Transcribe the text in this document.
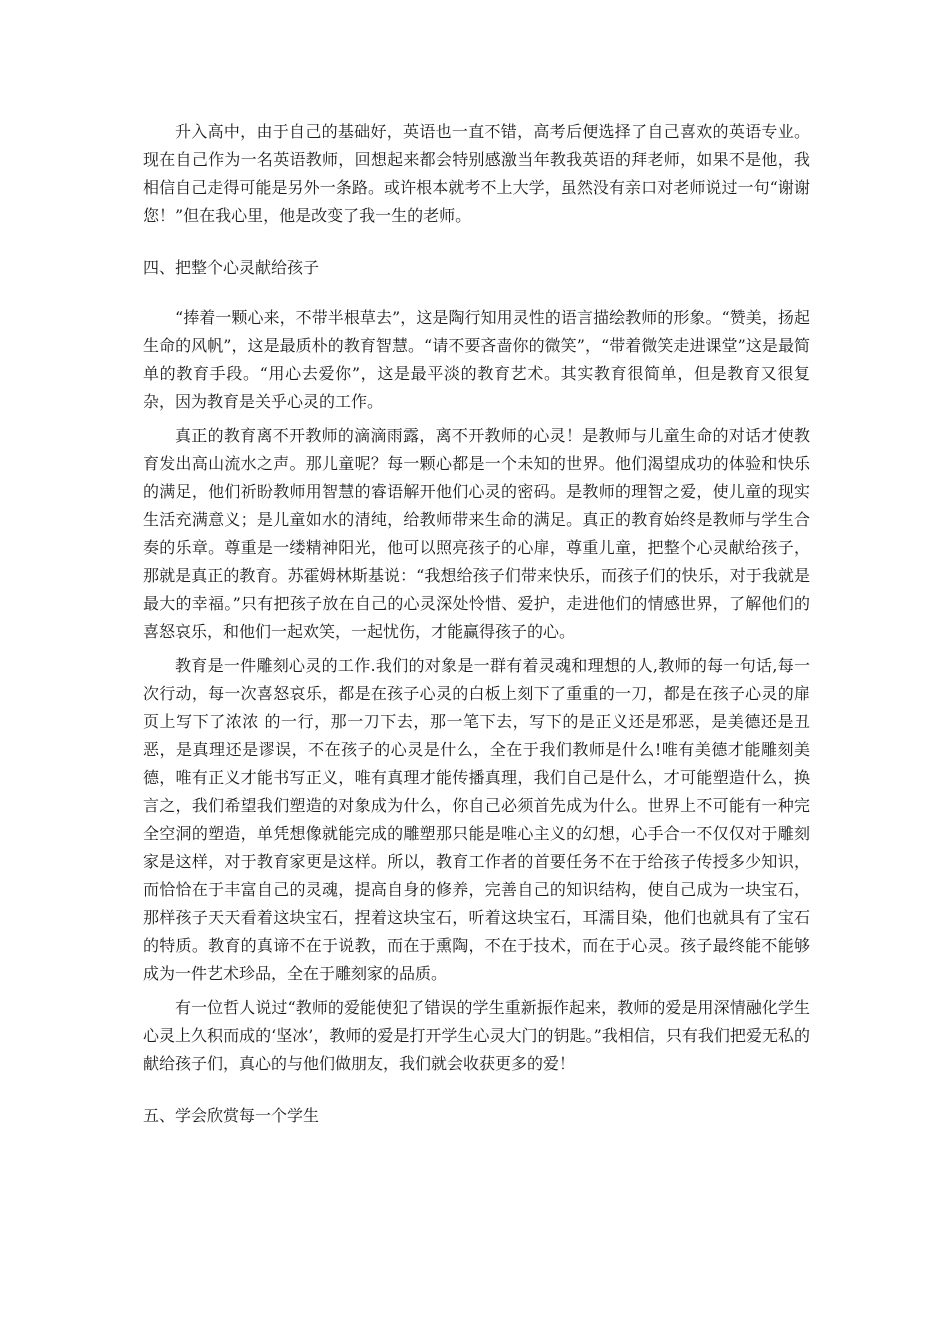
升入高中，由于自己的基础好，英语也一直不错，高考后便选择了自己喜欢的英语专业。现在自己作为一名英语教师，回想起来都会特别感激当年教我英语的拜老师，如果不是他，我相信自己走得可能是另外一条路。或许根本就考不上大学，虽然没有亲口对老师说过一句“谢谢您！”但在我心里，他是改变了我一生的老师。

四、把整个心灵献给孩子

“捧着一颗心来，不带半根草去”，这是陶行知用灵性的语言描绘教师的形象。“赞美，扬起生命的风帆”，这是最质朴的教育智慧。“请不要吝啬你的微笑”，“带着微笑走进课堂”这是最简单的教育手段。“用心去爱你”，这是最平淡的教育艺术。其实教育很简单，但是教育又很复杂，因为教育是关乎心灵的工作。

真正的教育离不开教师的滴滴雨露，离不开教师的心灵！是教师与儿童生命的对话才使教育发出高山流水之声。那儿童呢？每一颗心都是一个未知的世界。他们渴望成功的体验和快乐的满足，他们祈盼教师用智慧的睿语解开他们心灵的密码。是教师的理智之爱，使儿童的现实生活充满意义；是儿童如水的清纯，给教师带来生命的满足。真正的教育始终是教师与学生合奏的乐章。尊重是一缕精神阳光，他可以照亮孩子的心扉，尊重儿童，把整个心灵献给孩子，那就是真正的教育。苏霍姆林斯基说：“我想给孩子们带来快乐，而孩子们的快乐，对于我就是最大的幸福。”只有把孩子放在自己的心灵深处怜惜、爱护，走进他们的情感世界，了解他们的喜怒哀乐，和他们一起欢笑，一起忧伤，才能赢得孩子的心。

教育是一件雕刻心灵的工作.我们的对象是一群有着灵魂和理想的人,教师的每一句话,每一次行动，每一次喜怒哀乐，都是在孩子心灵的白板上刻下了重重的一刀，都是在孩子心灵的扉页上写下了浓浓 的一行，那一刀下去，那一笔下去，写下的是正义还是邪恶，是美德还是丑恶，是真理还是谬误，不在孩子的心灵是什么，全在于我们教师是什么!唯有美德才能雕刻美德，唯有正义才能书写正义，唯有真理才能传播真理，我们自己是什么，才可能塑造什么，换言之，我们希望我们塑造的对象成为什么，你自己必须首先成为什么。世界上不可能有一种完全空洞的塑造，单凭想像就能完成的雕塑那只能是唯心主义的幻想，心手合一不仅仅对于雕刻家是这样，对于教育家更是这样。所以，教育工作者的首要任务不在于给孩子传授多少知识，而恰恰在于丰富自己的灵魂，提高自身的修养，完善自己的知识结构，使自己成为一块宝石，那样孩子天天看着这块宝石，捏着这块宝石，听着这块宝石，耳濡目染，他们也就具有了宝石的特质。教育的真谛不在于说教，而在于熏陶，不在于技术，而在于心灵。孩子最终能不能够成为一件艺术珍品，全在于雕刻家的品质。

有一位哲人说过“教师的爱能使犯了错误的学生重新振作起来，教师的爱是用深情融化学生心灵上久积而成的‘坚冰’，教师的爱是打开学生心灵大门的钥匙。”我相信，只有我们把爱无私的献给孩子们，真心的与他们做朋友，我们就会收获更多的爱！

五、学会欣赏每一个学生
